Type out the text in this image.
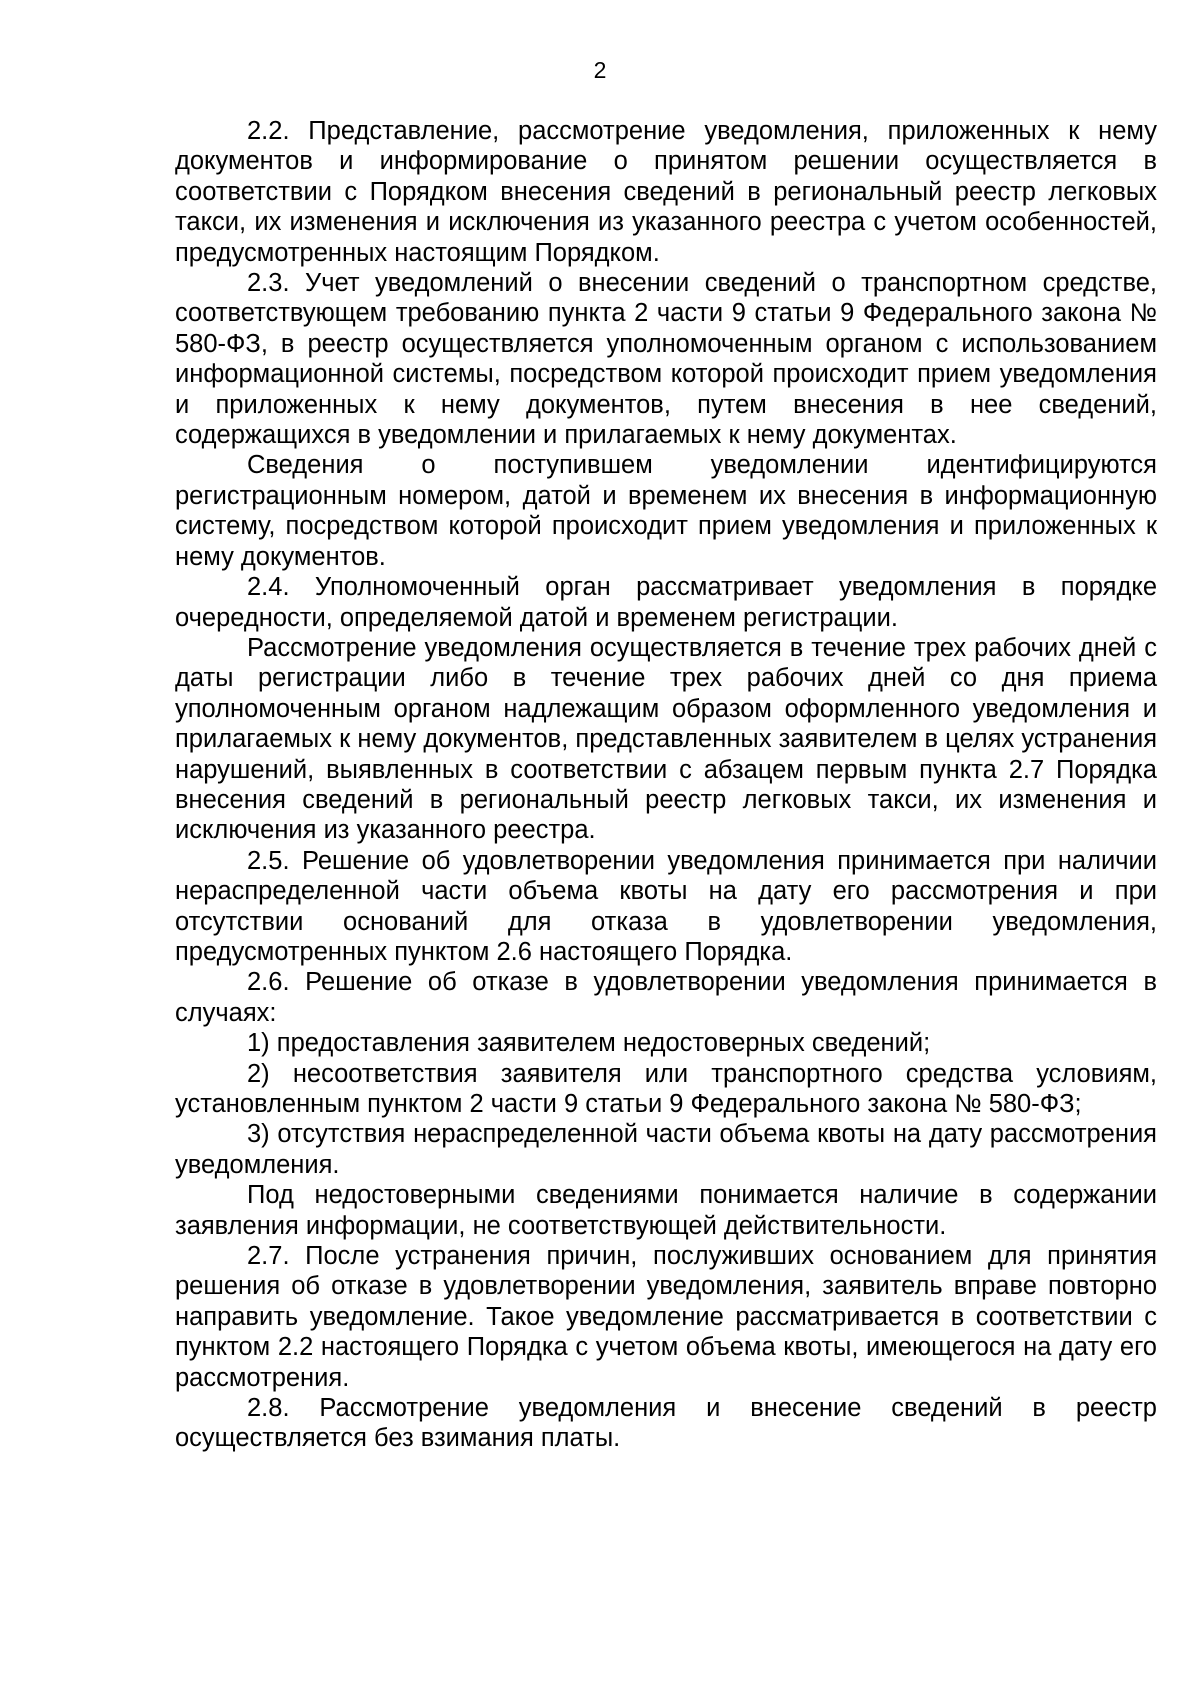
2

2.2. Представление, рассмотрение уведомления, приложенных к нему документов и информирование о принятом решении осуществляется в соответствии с Порядком внесения сведений в региональный реестр легковых такси, их изменения и исключения из указанного реестра с учетом особенностей, предусмотренных настоящим Порядком.

2.3. Учет уведомлений о внесении сведений о транспортном средстве, соответствующем требованию пункта 2 части 9 статьи 9 Федерального закона № 580-ФЗ, в реестр осуществляется уполномоченным органом с использованием информационной системы, посредством которой происходит прием уведомления и приложенных к нему документов, путем внесения в нее сведений, содержащихся в уведомлении и прилагаемых к нему документах.

Сведения о поступившем уведомлении идентифицируются регистрационным номером, датой и временем их внесения в информационную систему, посредством которой происходит прием уведомления и приложенных к нему документов.

2.4. Уполномоченный орган рассматривает уведомления в порядке очередности, определяемой датой и временем регистрации.

Рассмотрение уведомления осуществляется в течение трех рабочих дней с даты регистрации либо в течение трех рабочих дней со дня приема уполномоченным органом надлежащим образом оформленного уведомления и прилагаемых к нему документов, представленных заявителем в целях устранения нарушений, выявленных в соответствии с абзацем первым пункта 2.7 Порядка внесения сведений в региональный реестр легковых такси, их изменения и исключения из указанного реестра.

2.5. Решение об удовлетворении уведомления принимается при наличии нераспределенной части объема квоты на дату его рассмотрения и при отсутствии оснований для отказа в удовлетворении уведомления, предусмотренных пунктом 2.6 настоящего Порядка.

2.6. Решение об отказе в удовлетворении уведомления принимается в случаях:

1) предоставления заявителем недостоверных сведений;

2) несоответствия заявителя или транспортного средства условиям, установленным пунктом 2 части 9 статьи 9 Федерального закона № 580-ФЗ;

3) отсутствия нераспределенной части объема квоты на дату рассмотрения уведомления.

Под недостоверными сведениями понимается наличие в содержании заявления информации, не соответствующей действительности.

2.7. После устранения причин, послуживших основанием для принятия решения об отказе в удовлетворении уведомления, заявитель вправе повторно направить уведомление. Такое уведомление рассматривается в соответствии с пунктом 2.2 настоящего Порядка с учетом объема квоты, имеющегося на дату его рассмотрения.

2.8. Рассмотрение уведомления и внесение сведений в реестр осуществляется без взимания платы.
